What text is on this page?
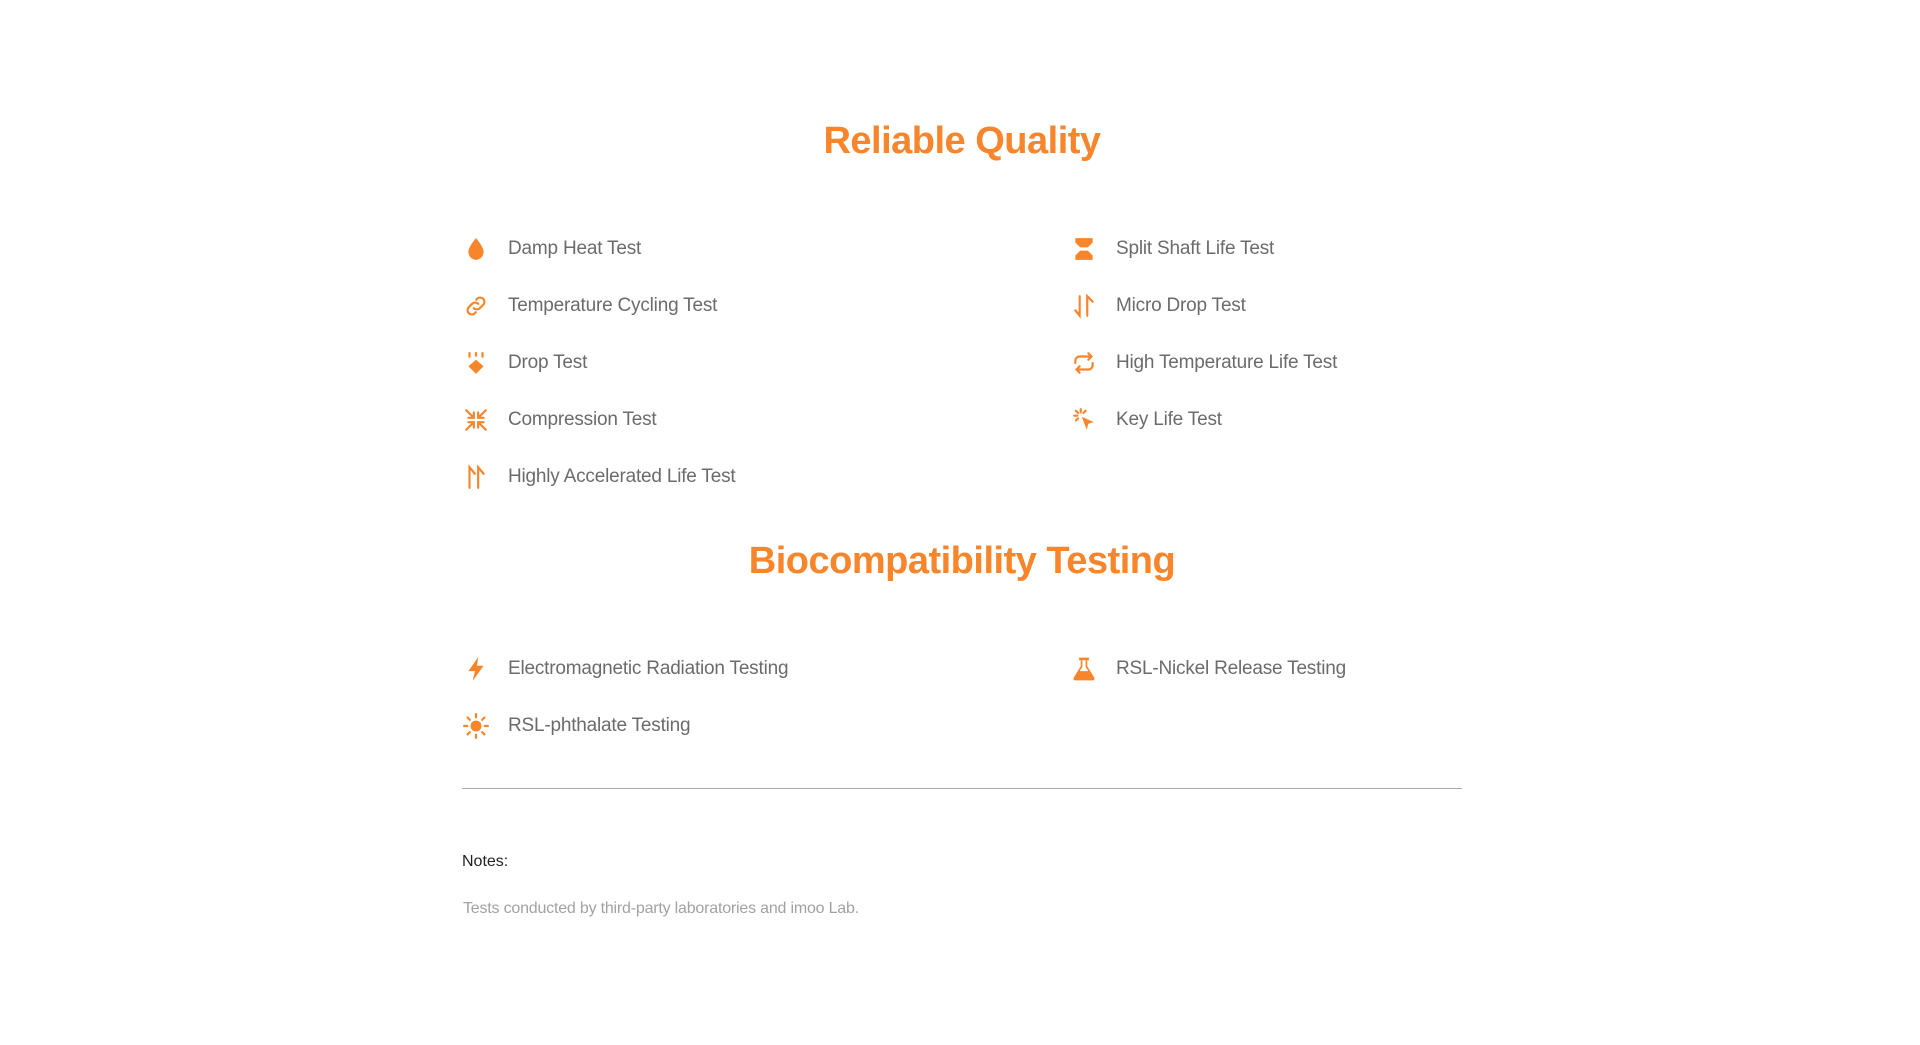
Reliable Quality
Damp Heat Test
Temperature Cycling Test
Drop Test
Compression Test
Highly Accelerated Life Test
Split Shaft Life Test
Micro Drop Test
High Temperature Life Test
Key Life Test
Biocompatibility Testing
Electromagnetic Radiation Testing
RSL-phthalate Testing
RSL-Nickel Release Testing
Notes:
Tests conducted by third-party laboratories and imoo Lab.
